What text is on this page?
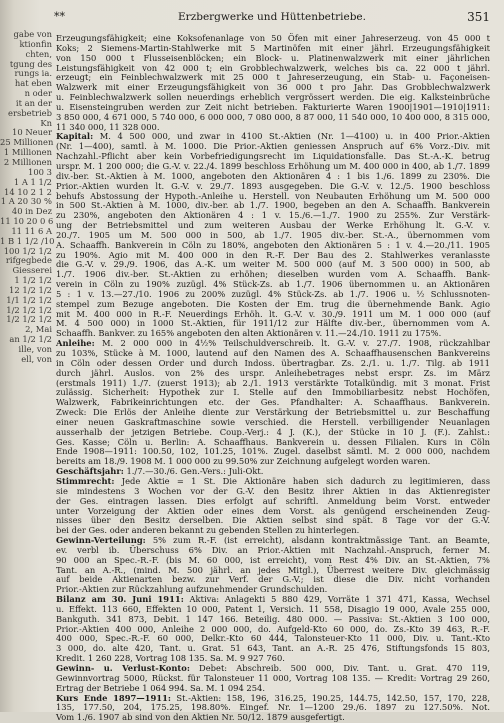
**	Erzbergwerke und Hüttenbetriebe.	351
gabe von
ktionfin
chten,
tgung des
rungs ia.
hat eben
n oder
it an der
ersbetrieb
Kn
10 Neuer
25 Millionen
1 Millionen
2 Millionen
100 3
1 A 1 1/2
14 10 2 1 2
1 A 20 30 %
40 in Dez
11 10 20 0 6
11 11 6 A
1 B 1 1/2 /10
100 1/2 1/2
rifgegbede
Giesserei
1 1/2 1/2
12 1/2 1/2
1/1 1/2 1/2
1/2 1/2 1/2
1/2 1/2 1/2
2, Mai
an 1/2 1/2
ille, von
ell, von
Erzeugungsfähigkeit; eine Koksofenanlage von 50 Öfen mit einer Jahreserzeug. von 45 000 t
Koks; 2 Siemens-Martin-Stahlwerke mit 5 Martinöfen mit einer jährl. Erzeugungsfähigkeit
von 150 000 t Flusseisenblöcken; ein Block- u. Platinenwalzwerk mit einer jährlichen
Leistungsfähigkeit von 42 000 t; ein Grobblechwalzwerk, welches bis ca. 22 000 t jährl.
erzeugt; ein Feinblechwalzwerk mit 25 000 t Jahreserzeugung, ein Stab- u. Façoneisen-
Walzwerk mit einer Erzeugungsfähigkeit von 36 000 t pro Jahr. Das Grobblechwalzwerk
u. Feinblechwalzwerk sollen neuerdings erheblich vergrössert werden. Die eig. Kalksteinbrüche
u. Eisensteingruben werden zur Zeit nicht betrieben. Fakturierte Waren 1900|1901—1910|1911:
3 850 000, 4 671 000, 5 740 000, 6 000 000, 7 080 000, 8 87 000, 11 540 000, 10 400 000, 8 315 000,
11 340 000, 11 328 000.
Kapital: M. 4 500 000, und zwar in 4100 St.-Aktien (Nr. 1—4100) u. in 400 Prior.-Aktien
(Nr. 1—400), samtl. à M. 1000. Die Prior.-Aktien geniessen Anspruch auf 6% Vorz.-Div. mit
Nachzahl.-Pflicht aber kein Vorbefriedigungsrecht im Liquidationsfalle. Das St.-A.-K. betrug
urspr. M. 1 200 000; die G.-V. v. 22./4. 1899 beschloss Erhöhung um M. 400 000 in 400, ab 1./7. 1899
div.-ber. St.-Aktien à M. 1000, angeboten den Aktionären 4 : 1 bis 1./6. 1899 zu 230%. Die
Prior.-Aktien wurden lt. G.-V. v. 29./7. 1893 ausgegeben. Die G.-V. v. 12./5. 1900 beschloss
behufs Abstossung der Hypoth.-Anleihe u. Herstell. von Neubauten Erhöhung um M. 500 000
in 500 St.-Aktien à M. 1000, div.-ber. ab 1./7. 1900, begeben an den A. Schaaffh. Bankverein
zu 230%, angeboten den Aktionären 4 : 1 v. 15./6.—1./7. 1900 zu 255%. Zur Verstärk-
ung der Betriebsmittel und zum weiteren Ausbau der Werke Erhöhung lt. G.-V. v.
20./7. 1905 um M. 500 000 in 500, ab 1./7. 1905 div.-ber. St.-A., übernommen vom
A. Schaaffh. Bankverein in Cöln zu 180%, angeboten den Aktionären 5 : 1 v. 4.—20./11. 1905
zu 190%. Agio mit M. 400 000 in den R.-F. Der Bau des 2. Stahlwerkes veranlasste
die G.-V. v. 29./9. 1906, das A.-K. um weiter M. 500 000 (auf M. 3 500 000) in 500, ab
1./7. 1906 div.-ber. St.-Aktien zu erhöhen; dieselben wurden vom A. Schaaffh. Bank-
verein in Cöln zu 190% zuzügl. 4% Stück-Zs. ab 1./7. 1906 übernommen u. an Aktionären
5 : 1 v. 13.—27./10. 1906 zu 200% zuzügl. 4% Stück-Zs. ab 1./7. 1906 u. ½ Schlussnoten-
stempel zum Bezuge angeboten. Die Kosten der Em. trug die übernehmende Bank. Agio
mit M. 400 000 in R.-F. Neuerdings Erhöh. lt. G.-V. v. 30./9. 1911 um M. 1 000 000 (auf
M. 4 500 000) in 1000 St.-Aktien, für 1911/12 zur Hälfte div.-ber., übernommen vom A.
Schaaffh. Bankver. zu 165% angeboten den alten Aktionären v. 11.—24./10. 1911 zu 175%.
Anleihe: M. 2 000 000 in 4½% Teilschuldverschreib. lt. G.-V. v. 27./7. 1908, rückzahlbar
zu 103%, Stücke à M. 1000, lautend auf den Namen des A. Schaaffhausenschen Bankvereins
in Cöln oder dessen Order und durch Indoss. übertragbar. Zs. 2./1. u. 1./7. Tilg. ab 1911
durch jährl. Auslos. von 2% des urspr. Anleihebetrages nebst erspr. Zs. im März
(erstmals 1911) 1./7. (zuerst 1913); ab 2./1. 1913 verstärkte Totalkündig. mit 3 monat. Frist
zulässig. Sicherheit: Hypothek zur I. Stelle auf den Immobiliarbesitz nebst Hochöfen,
Walzwerk, Fabrikeinrichtungen etc. der Ges. Pfandhalter: A. Schaaffhaus. Bankverein.
Zweck: Die Erlös der Anleihe diente zur Verstärkung der Betriebsmittel u. zur Beschaffung
einer neuen Gaskraftmaschine sowie verschied. die Herstell. verbilligender Neuanlagen
ausserhalb der jetzigen Betriebe. Coup.-Verj.: 4 J. (K.), der Stücke in 10 J. (F.). Zahlst.:
Ges. Kasse; Cöln u. Berlin: A. Schaaffhaus. Bankverein u. dessen Filialen. Kurs in Cöln
Ende 1908—1911: 100.50, 102, 101.25, 101%. Zugel. daselbst sämtl. M. 2 000 000, nachdem
bereits am 18./9. 1908 M. 1 000 000 zu 99.50% zur Zeichnung aufgelegt worden waren.
Geschäftsjahr: 1./7.—30./6. Gen.-Vers.: Juli-Okt.
Stimmrecht: Jede Aktie = 1 St. Die Aktionäre haben sich dadurch zu legitimieren, dass
sie mindestens 3 Wochen vor der G.-V. den Besitz ihrer Aktien in das Aktienregister
der Ges. eintragen lassen. Dies erfolgt auf schriftl. Anmeldung beim Vorst. entweder
unter Vorzeigung der Aktien oder eines dem Vorst. als genügend erscheinenden Zeug-
nisses über den Besitz derselben. Die Aktien selbst sind spät. 8 Tage vor der G.-V.
bei der Ges. oder anderen bekannt zu gebenden Stellen zu hinterlegen.
Gewinn-Verteilung: 5% zum R.-F. (ist erreicht), alsdann kontraktmässige Tant. an Beamte,
ev. verbl ib. Überschuss 6% Div. an Prior.-Aktien mit Nachzahl.-Anspruch, ferner M.
90 000 an Spec.-R.-F. (bis M. 60 000, ist erreicht), vom Rest 4% Div. an St.-Aktien, 7%
Tant. an A.-R., (mind. M. 500 jährl. an jedes Mitgl.), Überrest weitere Div. gleichmässig
auf beide Aktienarten bezw. zur Verf. der G.-V.; ist diese die Div. nicht vorhanden
Prior.-Aktien zur Rückzahlung aufzunehmender Grundschulden.
Bilanz am 30. Juni 1911: Aktiva: Anlagekti 5 880 429, Vorräte 1 371 471, Kassa, Wechsel
u. Effekt. 113 660, Effekten 10 000, Patent 1, Versich. 11 558, Disagio 19 000, Avale 255 000,
Bankguth. 341 873, Debit. 1 147 166. Beteilig. 480 000. — Passiva: St.-Aktien 3 100 000,
Prior.-Aktien 400 000, Anleihe 2 000 000, do. Aufgeld-Kto 60 000, do. Zs.-Kto 39 463, R.-F.
400 000, Spec.-R.-F. 60 000, Delkr.-Kto 60 444, Talonsteuer-Kto 11 000, Div. u. Tant.-Kto
3 000, do. alte 420, Tant. u. Grat. 51 643, Tant. an A.-R. 25 476, Stiftungsfonds 15 803,
Kredit. 1 260 228, Vortrag 108 135. Sa. M. 9 927 760.
Gewinn- u. Verlust-Konto: Debet: Abschreib. 500 000, Div. Tant. u. Grat. 470 119,
Gewinnvortrag 5000, Rückst. für Talonsteuer 11 000, Vortrag 108 135. — Kredit: Vortrag 29 260,
Ertrag der Betriebe 1 064 994. Sa. M. 1 094 254.
Kurs Ende 1897—1911: St.-Aktien: 158, 196, 316.25, 190.25, 144.75, 142.50, 157, 170, 228,
135, 177.50, 204, 175.25, 198.80%. Eingef. Nr. 1—1200 29./6. 1897 zu 127.50%. Not.
Vom 1./6. 1907 ab sind von den Aktien Nr. 50/12. 1879 ausgefertigt.
